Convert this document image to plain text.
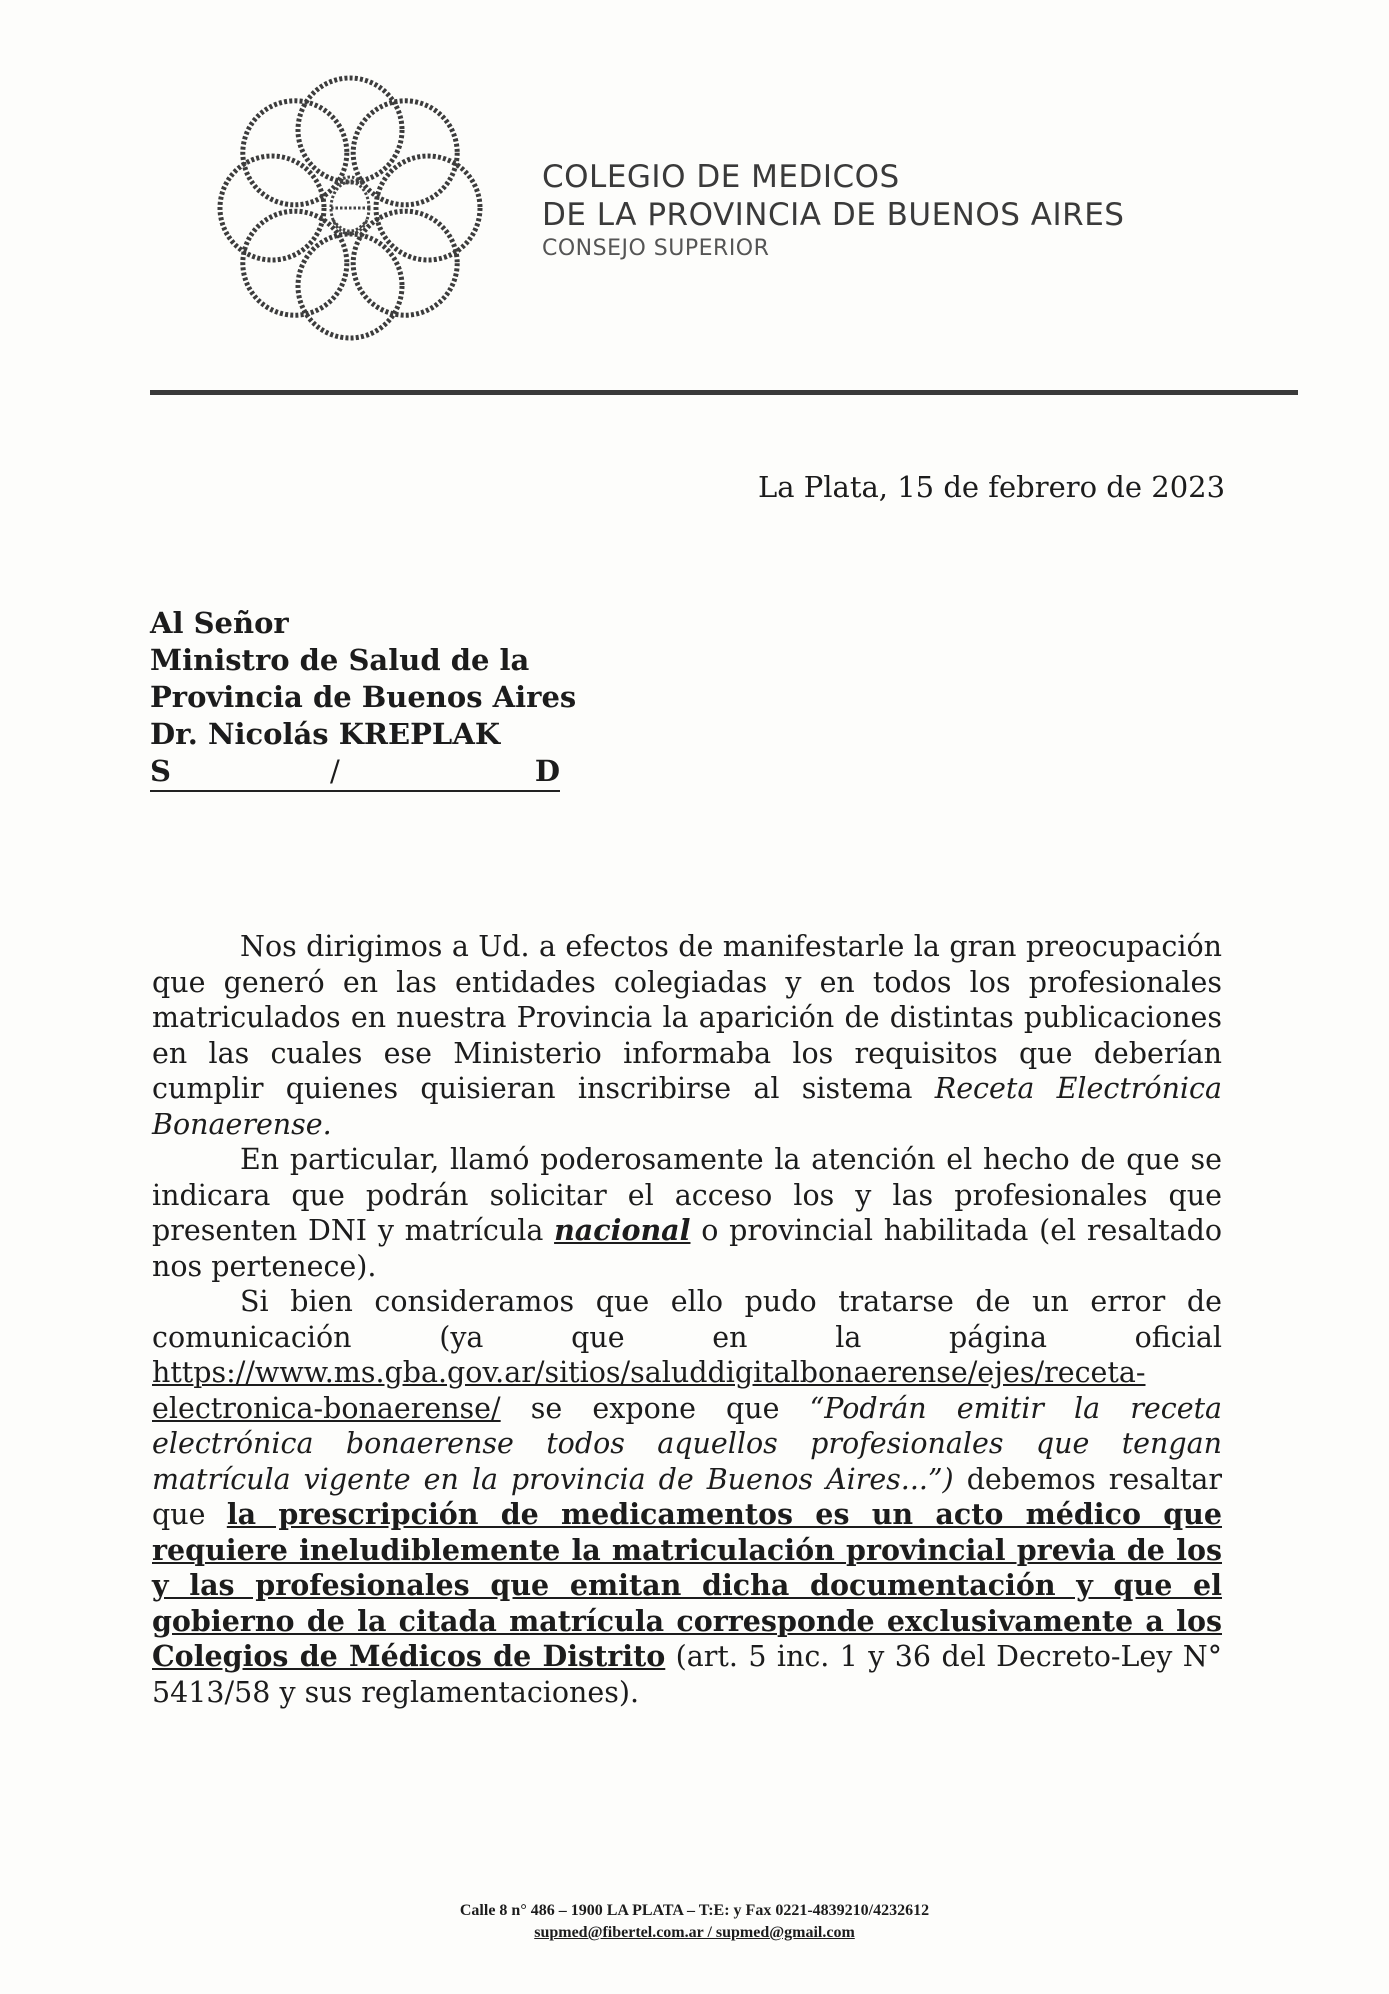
COLEGIO DE MEDICOS
DE LA PROVINCIA DE BUENOS AIRES
CONSEJO SUPERIOR
La Plata, 15 de febrero de 2023
Al Señor
Ministro de Salud de la
Provincia de Buenos Aires
Dr. Nicolás KREPLAK
S	/	D

Nos dirigimos a Ud. a efectos de manifestarle la gran preocupación que generó en las entidades colegiadas y en todos los profesionales matriculados en nuestra Provincia la aparición de distintas publicaciones en las cuales ese Ministerio informaba los requisitos que deberían cumplir quienes quisieran inscribirse al sistema Receta Electrónica Bonaerense.

En particular, llamó poderosamente la atención el hecho de que se indicara que podrán solicitar el acceso los y las profesionales que presenten DNI y matrícula nacional o provincial habilitada (el resaltado nos pertenece).

Si bien consideramos que ello pudo tratarse de un error de comunicación (ya que en la página oficial https://www.ms.gba.gov.ar/sitios/saluddigitalbonaerense/ejes/receta-electronica-bonaerense/ se expone que “Podrán emitir la receta electrónica bonaerense todos aquellos profesionales que tengan matrícula vigente en la provincia de Buenos Aires...”) debemos resaltar que la prescripción de medicamentos es un acto médico que requiere ineludiblemente la matriculación provincial previa de los y las profesionales que emitan dicha documentación y que el gobierno de la citada matrícula corresponde exclusivamente a los Colegios de Médicos de Distrito (art. 5 inc. 1 y 36 del Decreto-Ley N° 5413/58 y sus reglamentaciones).

Calle 8 n° 486 – 1900 LA PLATA – T:E: y Fax 0221-4839210/4232612
supmed@fibertel.com.ar / supmed@gmail.com
